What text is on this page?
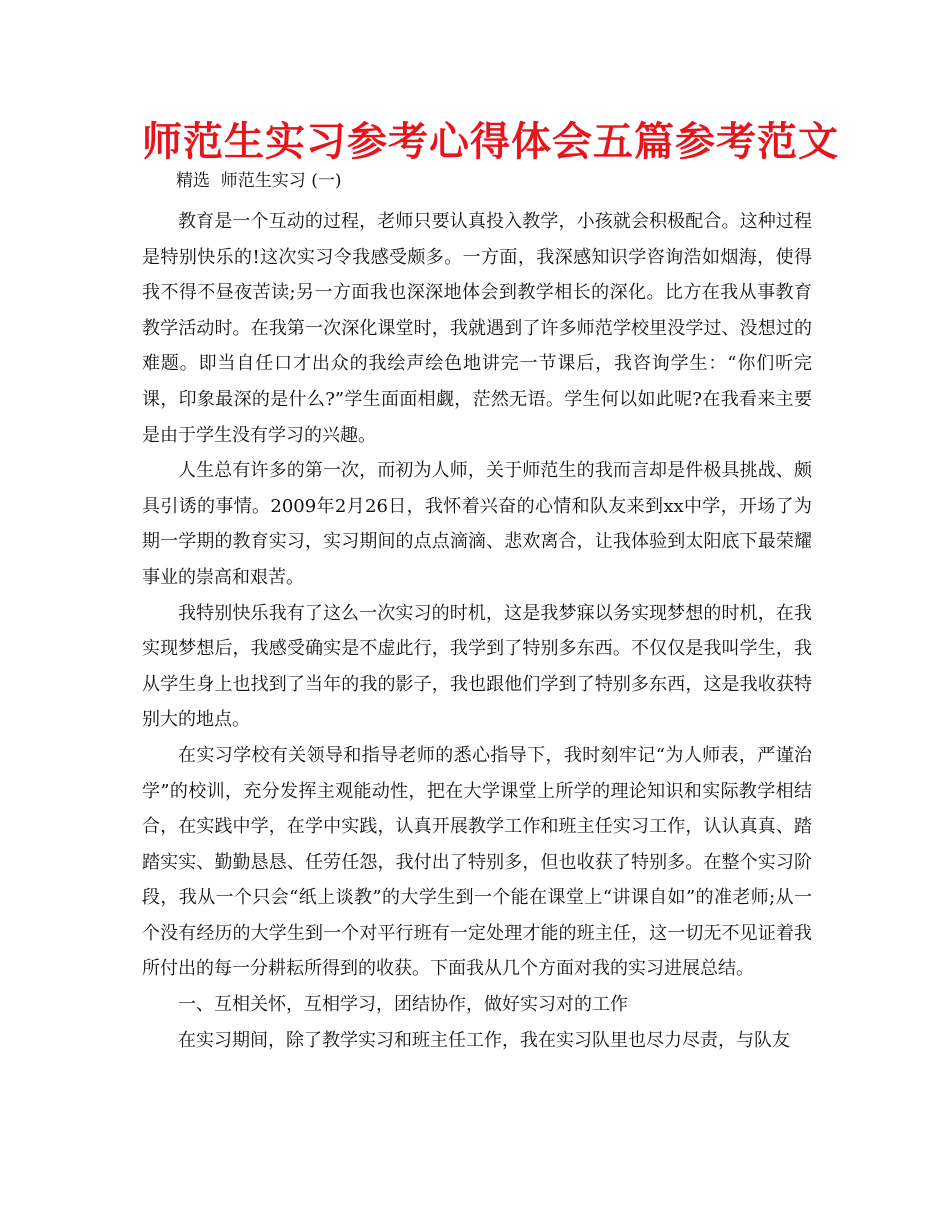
师范生实习参考心得体会五篇参考范文

精选  师范生实习 (一)

教育是一个互动的过程，老师只要认真投入教学，小孩就会积极配合。这种过程是特别快乐的!这次实习令我感受颇多。一方面，我深感知识学咨询浩如烟海，使得我不得不昼夜苦读;另一方面我也深深地体会到教学相长的深化。比方在我从事教育教学活动时。在我第一次深化课堂时，我就遇到了许多师范学校里没学过、没想过的难题。即当自任口才出众的我绘声绘色地讲完一节课后，我咨询学生：“你们听完课，印象最深的是什么?”学生面面相觑，茫然无语。学生何以如此呢?在我看来主要是由于学生没有学习的兴趣。

人生总有许多的第一次，而初为人师，关于师范生的我而言却是件极具挑战、颇具引诱的事情。2009年2月26日，我怀着兴奋的心情和队友来到xx中学，开场了为期一学期的教育实习，实习期间的点点滴滴、悲欢离合，让我体验到太阳底下最荣耀事业的崇高和艰苦。

我特别快乐我有了这么一次实习的时机，这是我梦寐以务实现梦想的时机，在我实现梦想后，我感受确实是不虚此行，我学到了特别多东西。不仅仅是我叫学生，我从学生身上也找到了当年的我的影子，我也跟他们学到了特别多东西，这是我收获特别大的地点。

在实习学校有关领导和指导老师的悉心指导下，我时刻牢记“为人师表，严谨治学”的校训，充分发挥主观能动性，把在大学课堂上所学的理论知识和实际教学相结合，在实践中学，在学中实践，认真开展教学工作和班主任实习工作，认认真真、踏踏实实、勤勤恳恳、任劳任怨，我付出了特别多，但也收获了特别多。在整个实习阶段，我从一个只会“纸上谈教”的大学生到一个能在课堂上“讲课自如”的准老师;从一个没有经历的大学生到一个对平行班有一定处理才能的班主任，这一切无不见证着我所付出的每一分耕耘所得到的收获。下面我从几个方面对我的实习进展总结。

一、互相关怀，互相学习，团结协作，做好实习对的工作

在实习期间，除了教学实习和班主任工作，我在实习队里也尽力尽责，与队友
